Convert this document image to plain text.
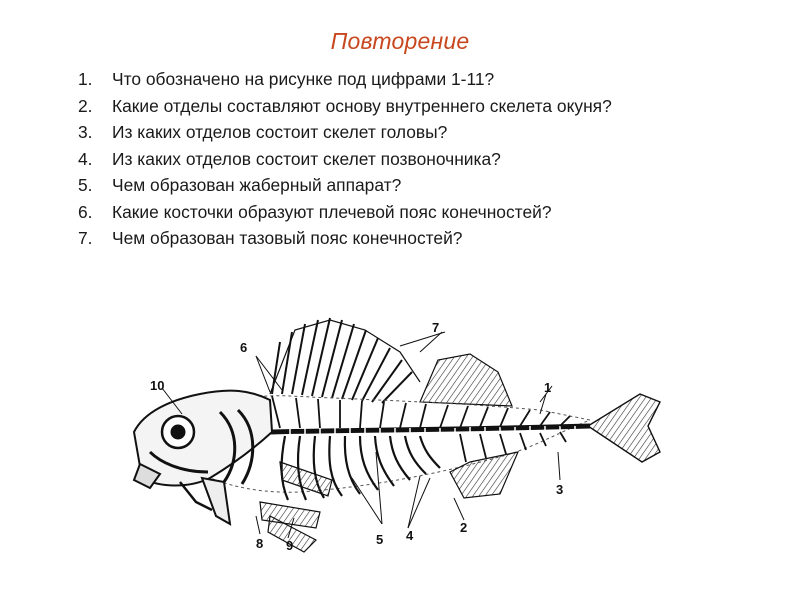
Повторение
1. Что обозначено на рисунке под цифрами 1-11?
2. Какие отделы составляют основу внутреннего скелета окуня?
3. Из каких отделов состоит скелет головы?
4. Из каких отделов состоит скелет позвоночника?
5. Чем образован жаберный аппарат?
6. Какие косточки образуют плечевой пояс конечностей?
7. Чем образован тазовый пояс конечностей?
1
2
3
4
5
6
7
8 9
10
